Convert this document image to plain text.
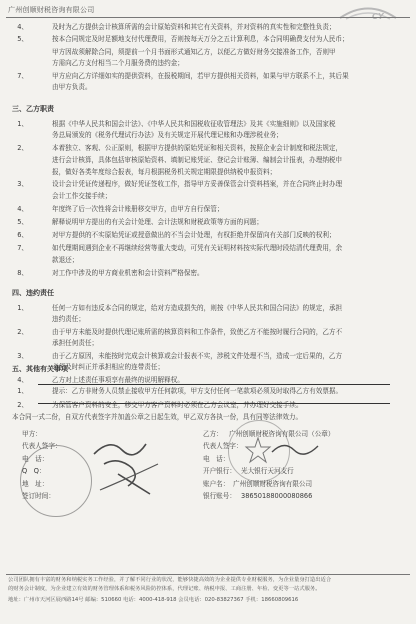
广州创顺财税咨询有限公司
CY
4、	及时为乙方提供会计核算所需的会计原始资料和其它有关资料，并对资料的真实性和完整性负责；
5、	按本合同规定及时足额地支付代理费用，否则按每天万分之五计算利息，本合同明确费支付为人民币；
甲方因故须解除合同，须提前一个月书面形式通知乙方，以便乙方做好财务交接准备工作，否则甲
方需向乙方支付相当二个月服务费的违约金；
7、	甲方应向乙方详细如实的提供资料，在报税期间，若甲方提供相关资料，如果与甲方联系不上，其后果
由甲方负责。
三、乙方职责
1、	根据《中华人民共和国会计法》、《中华人民共和国税收征收管理法》及其《实施细则》以及国家税
务总局颁发的《税务代理试行办法》及有关规定开展代理记账和办理涉税业务；
2、	本着独立、客观、公正原则，根据甲方提供的原始凭证和相关资料，按照企业会计制度和税法规定，
进行会计核算，具体包括审核原始资料、填制记账凭证、登记会计账簿、编制会计报表，办理纳税申
报，做好各类年度综合报表，每月根据税务机关规定期限提供纳税申报资料；
3、	设计会计凭证传递程序，做好凭证签收工作，指导甲方妥善保管会计资料档案，并在合同终止时办理
会计工作交接手续；
4、	年度终了后一次性将会计账册移交甲方，由甲方自行保管；
5、	解释说明甲方提出的有关会计处理、会计法规和财税政策等方面的问题；
6、	对甲方提供的不实原始凭证或授意做出的不当会计处理，有权拒绝并保留向有关部门反映的权利；
7、	如代理期间遇到企业不再继续经营等重大变动，可凭有关证明材料按实际代理时段结清代理费用，余
款退还；
8、	对工作中涉及的甲方商业机密和会计资料严格保密。
四、违约责任
1、	任何一方如有违反本合同的规定，给对方造成损失的，则按《中华人民共和国合同法》的规定，承担
违约责任；
2、	由于甲方未能及时提供代理记账所需的核算资料和工作条件，致使乙方不能按时履行合同的，乙方不
承担任何责任；
3、	由于乙方原因，未能按时完成会计核算或会计报表不实，涉税文件处理不当，造成一定后果的，乙方
必须及时纠正并承担相应的连带责任；
4、	乙方对上述责任事项享有最终的说明解释权。
五、其他有关事项
1、	提示：乙方非财务人员禁止接收甲方任何款项，甲方支付任何一笔款项必须及时取得乙方有效票据。
2、	为保管客户资料的安全，移交甲方客户资料时必须在乙方会议室，并办理好交接手续。
本合同一式二份，自双方代表签字并加盖公章之日起生效，甲乙双方各执一份，具有同等法律效力。
甲方：
代表人签字：
电　话：
Q　Q：
地　址：
签订时间：
乙方： 广州创顺财税咨询有限公司（公章）
代表人签字：
电　话：
开户银行： 光大银行天河支行
账户名： 广州创顺财税咨询有限公司
银行账号： 38650188000080866
公司团队拥有丰富的财务和纳税实务工作经验，并了解不同行业的状况，能够快捷高效的为企业提供专业财税服务，为企业量身打造出适合
的财务会计制度，为企业建立有效的财务管理体系和税务风险防控体系，代理记账、纳税申报、工商注册、年检、变更等一站式服务。
地址：广州市天河区展西路14号 邮编：510660 电话：4000-418-918 会员电话：020-83827367 手机：18660809616
